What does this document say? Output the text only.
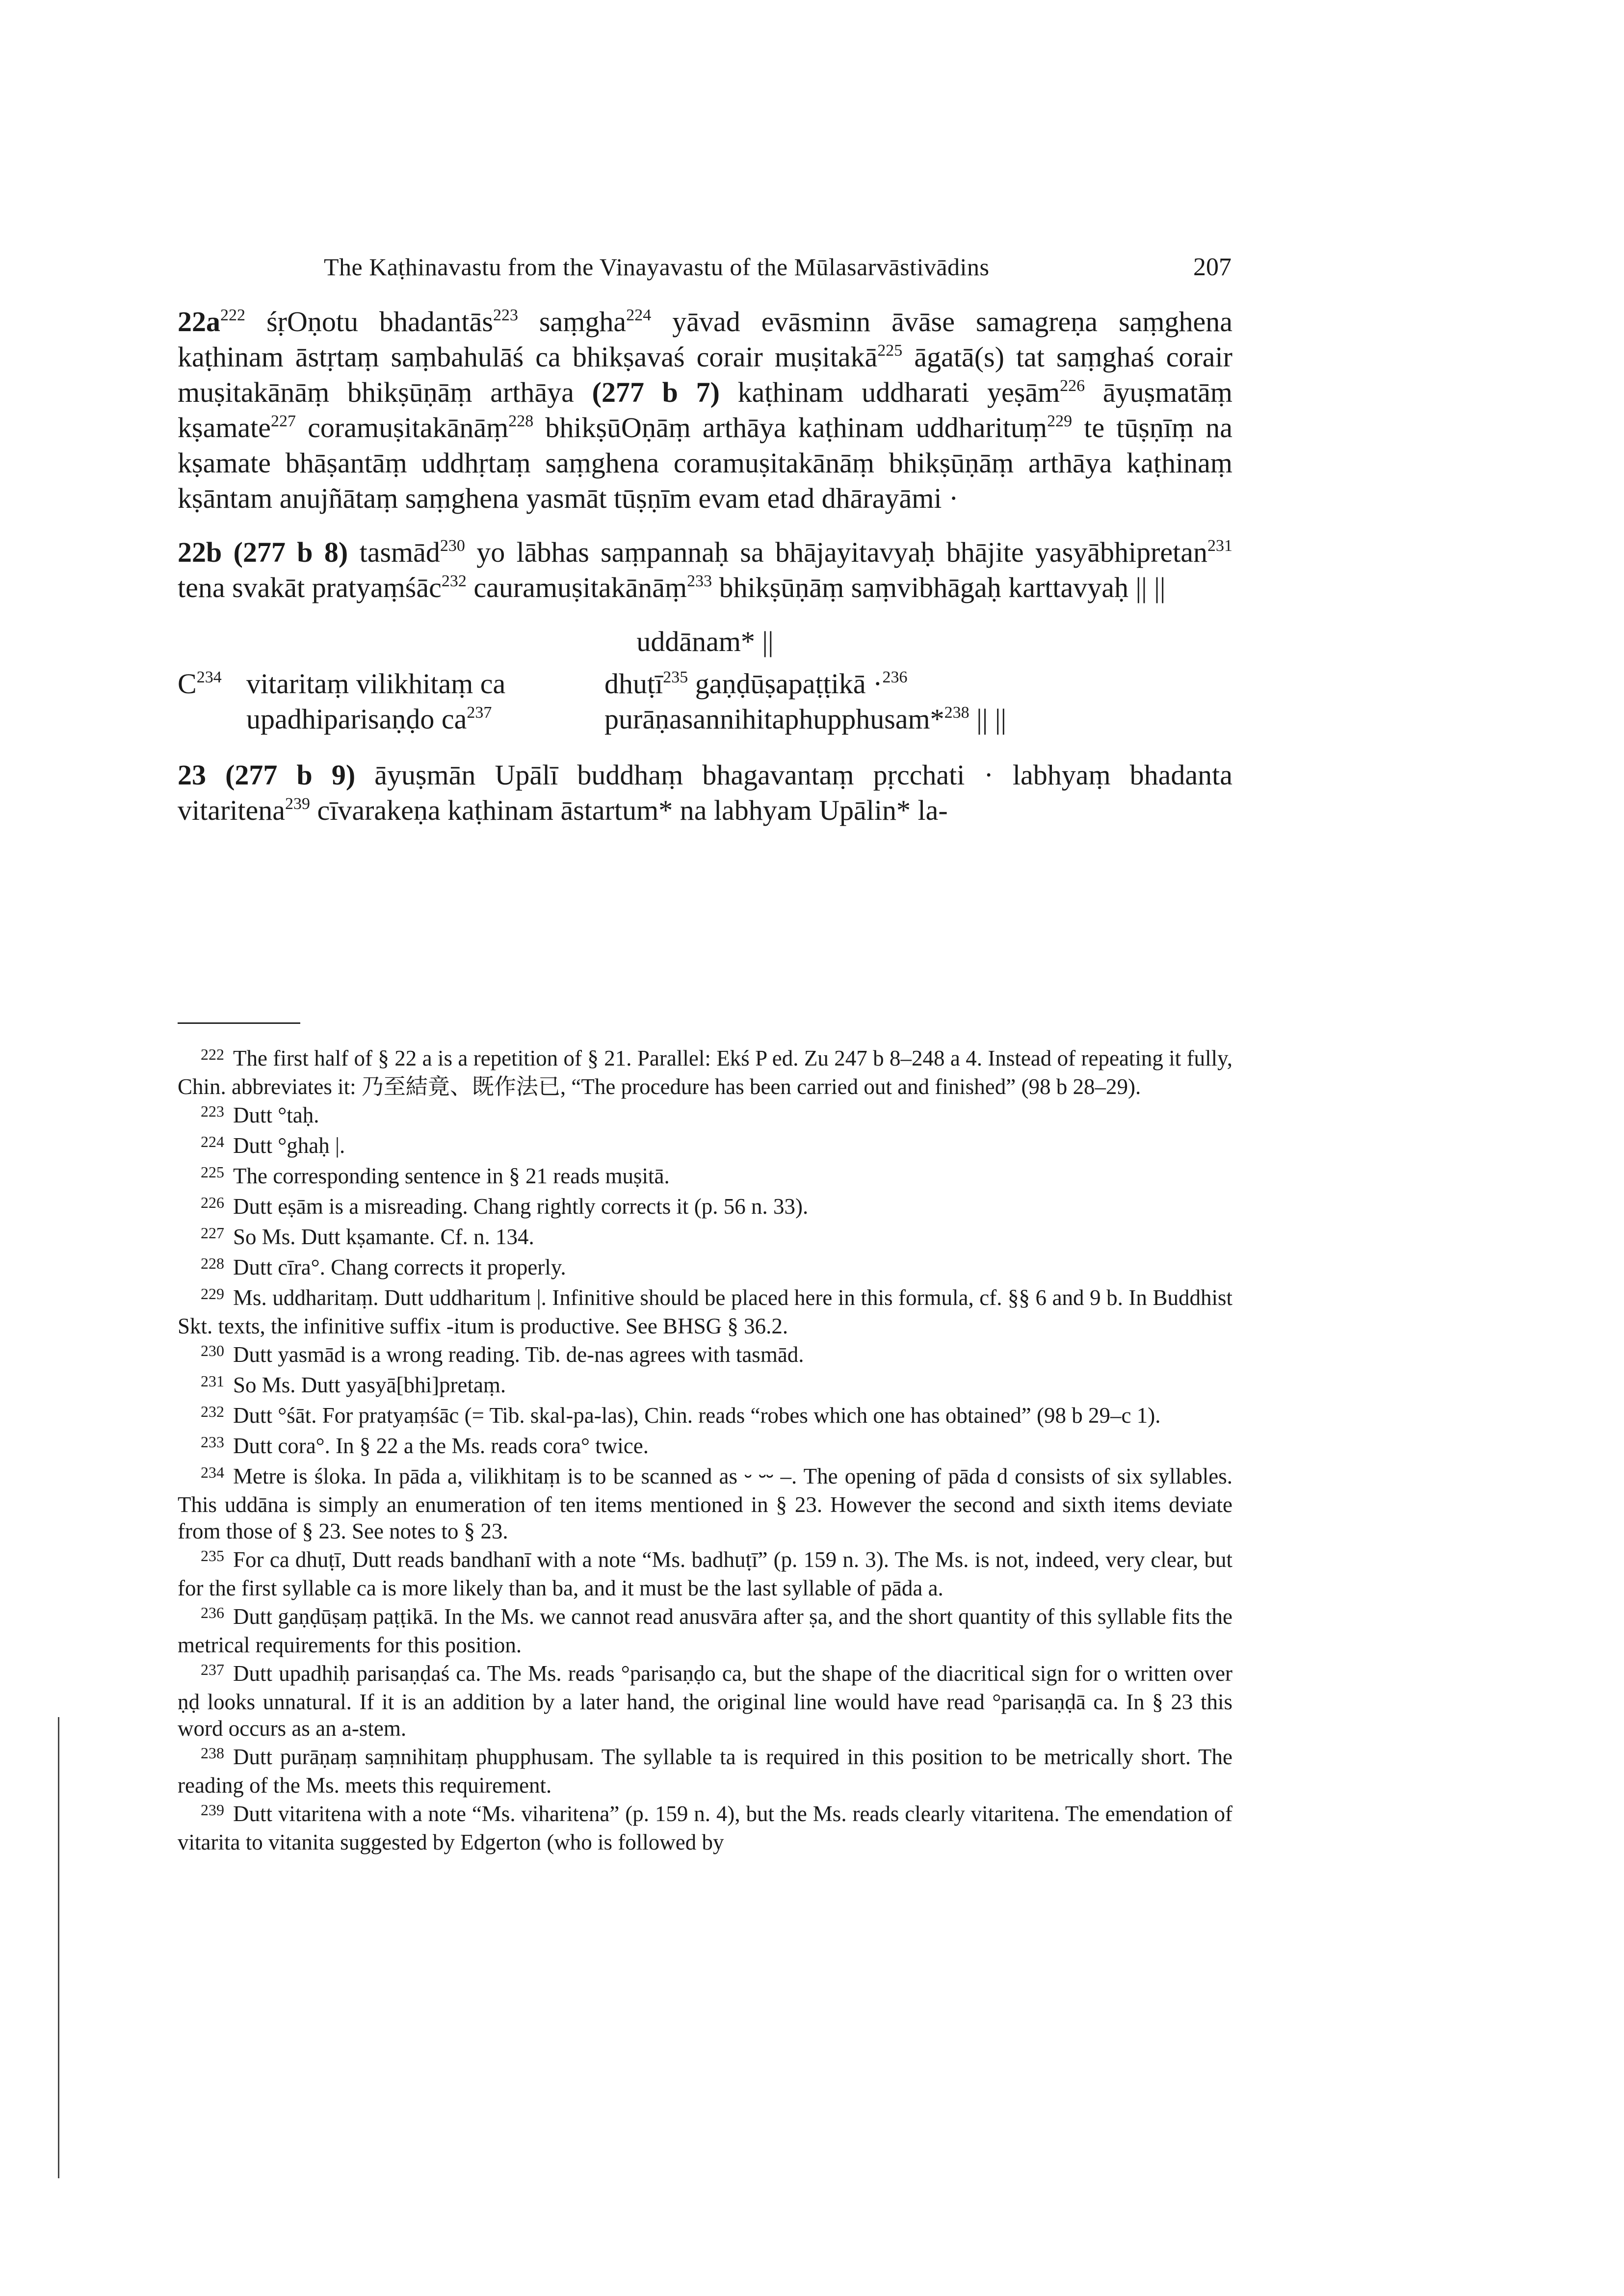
The Kaṭhinavastu from the Vinayavastu of the Mūlasarvāstivādins	207

$22a^{222}$ śṛOṇotu bhadantās$^{223}$ saṃgha$^{224}$ yāvad evāsminn āvāse samagreṇa saṃghena kaṭhinam āstṛtaṃ saṃbahulāś ca bhikṣavaś corair muṣitakā$^{225}$ āgatā(s) tat saṃghaś corair muṣitakānāṃ bhikṣūṇāṃ arthāya (277 b 7) kaṭhinam uddharati yeṣām$^{226}$ āyuṣmatāṃ kṣamate$^{227}$ coramuṣitakānāṃ$^{228}$ bhikṣūOṇāṃ arthāya kaṭhinam uddharituṃ$^{229}$ te tūṣṇīṃ na kṣamate bhāṣantāṃ uddhṛtaṃ saṃghena coramuṣitakānāṃ bhikṣūṇāṃ arthāya kaṭhinaṃ kṣāntam anujñātaṃ saṃghena yasmāt tūṣṇīm evam etad dhārayāmi ·

22b (277 b 8) tasmād$^{230}$ yo lābhas saṃpannaḥ sa bhājayitavyaḥ bhājite yasyābhipretan$^{231}$ tena svakāt pratyaṃśāc$^{232}$ cauramuṣitakānāṃ$^{233}$ bhikṣūṇāṃ saṃvibhāgaḥ karttavyaḥ || ||

uddānam* ||
$C^{234}$ vitaritaṃ vilikhitaṃ ca	dhuṭī$^{235}$ gaṇḍūṣapaṭṭikā ·$^{236}$
upadhiparisaṇḍo $ca^{237}$	purāṇasannihitaphupphusam*$^{238}$ || ||

23 (277 b 9) āyuṣmān Upālī buddhaṃ bhagavantaṃ pṛcchati · labhyaṃ bhadanta vitaritena$^{239}$ cīvarakeṇa kaṭhinam āstartum* na labhyam Upālin* la-

222 The first half of § 22 a is a repetition of § 21. Parallel: Ekś P ed. Zu 247 b 8–248 a 4. Instead of repeating it fully, Chin. abbreviates it: 乃至結竟、既作法已, “The procedure has been carried out and finished” (98 b 28–29).

223 Dutt °taḥ.

224 Dutt °ghaḥ |.

225 The corresponding sentence in § 21 reads muṣitā.

226 Dutt eṣām is a misreading. Chang rightly corrects it (p. 56 n. 33).

227 So Ms. Dutt kṣamante. Cf. n. 134.

228 Dutt cīra°. Chang corrects it properly.

229 Ms. uddharitaṃ. Dutt uddharitum |. Infinitive should be placed here in this formula, cf. §§ 6 and 9 b. In Buddhist Skt. texts, the infinitive suffix -itum is productive. See BHSG § 36.2.

230 Dutt yasmād is a wrong reading. Tib. de-nas agrees with tasmād.

231 So Ms. Dutt yasyā[bhi]pretaṃ.

232 Dutt °śāt. For pratyaṃśāc (= Tib. skal-pa-las), Chin. reads “robes which one has obtained” (98 b 29–c 1).

233 Dutt cora°. In § 22 a the Ms. reads cora° twice.

234 Metre is śloka. In pāda a, vilikhitaṃ is to be scanned as ⏑ ⏑⏑ –. The opening of pāda d consists of six syllables. This uddāna is simply an enumeration of ten items mentioned in § 23. However the second and sixth items deviate from those of § 23. See notes to § 23.

235 For ca dhuṭī, Dutt reads bandhanī with a note “Ms. badhuṭī” (p. 159 n. 3). The Ms. is not, indeed, very clear, but for the first syllable ca is more likely than ba, and it must be the last syllable of pāda a.

236 Dutt gaṇḍūṣaṃ paṭṭikā. In the Ms. we cannot read anusvāra after ṣa, and the short quantity of this syllable fits the metrical requirements for this position.

237 Dutt upadhiḥ parisaṇḍaś ca. The Ms. reads °parisaṇḍo ca, but the shape of the diacritical sign for o written over ṇḍ looks unnatural. If it is an addition by a later hand, the original line would have read °parisaṇḍā ca. In § 23 this word occurs as an a-stem.

238 Dutt purāṇaṃ saṃnihitaṃ phupphusam. The syllable ta is required in this position to be metrically short. The reading of the Ms. meets this requirement.

239 Dutt vitaritena with a note “Ms. viharitena” (p. 159 n. 4), but the Ms. reads clearly vitaritena. The emendation of vitarita to vitanita suggested by Edgerton (who is followed by
